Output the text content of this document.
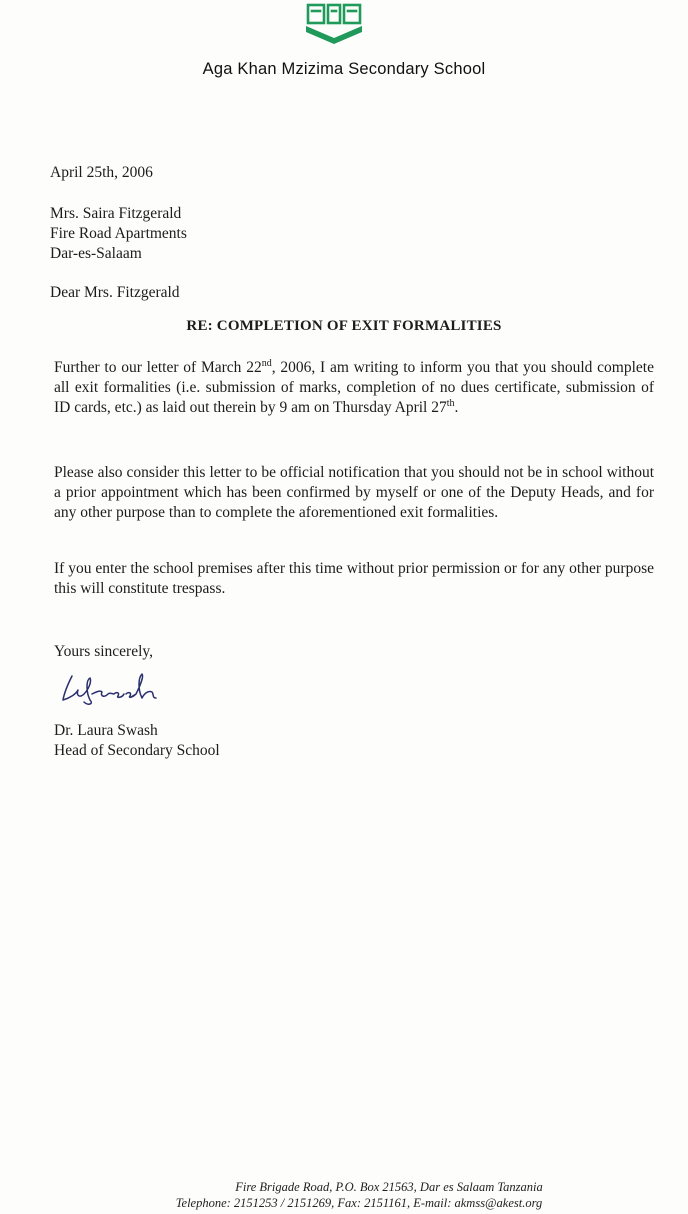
Aga Khan Mzizima Secondary School
April 25th, 2006
Mrs. Saira Fitzgerald
Fire Road Apartments
Dar-es-Salaam
Dear Mrs. Fitzgerald
RE: COMPLETION OF EXIT FORMALITIES
Further to our letter of March 22nd, 2006, I am writing to inform you that you should complete all exit formalities (i.e. submission of marks, completion of no dues certificate, submission of ID cards, etc.) as laid out therein by 9 am on Thursday April 27th.
Please also consider this letter to be official notification that you should not be in school without a prior appointment which has been confirmed by myself or one of the Deputy Heads, and for any other purpose than to complete the aforementioned exit formalities.
If you enter the school premises after this time without prior permission or for any other purpose this will constitute trespass.
Yours sincerely,
Dr. Laura Swash
Head of Secondary School
Fire Brigade Road, P.O. Box 21563, Dar es Salaam Tanzania
Telephone: 2151253 / 2151269, Fax: 2151161, E-mail: akmss@akest.org
